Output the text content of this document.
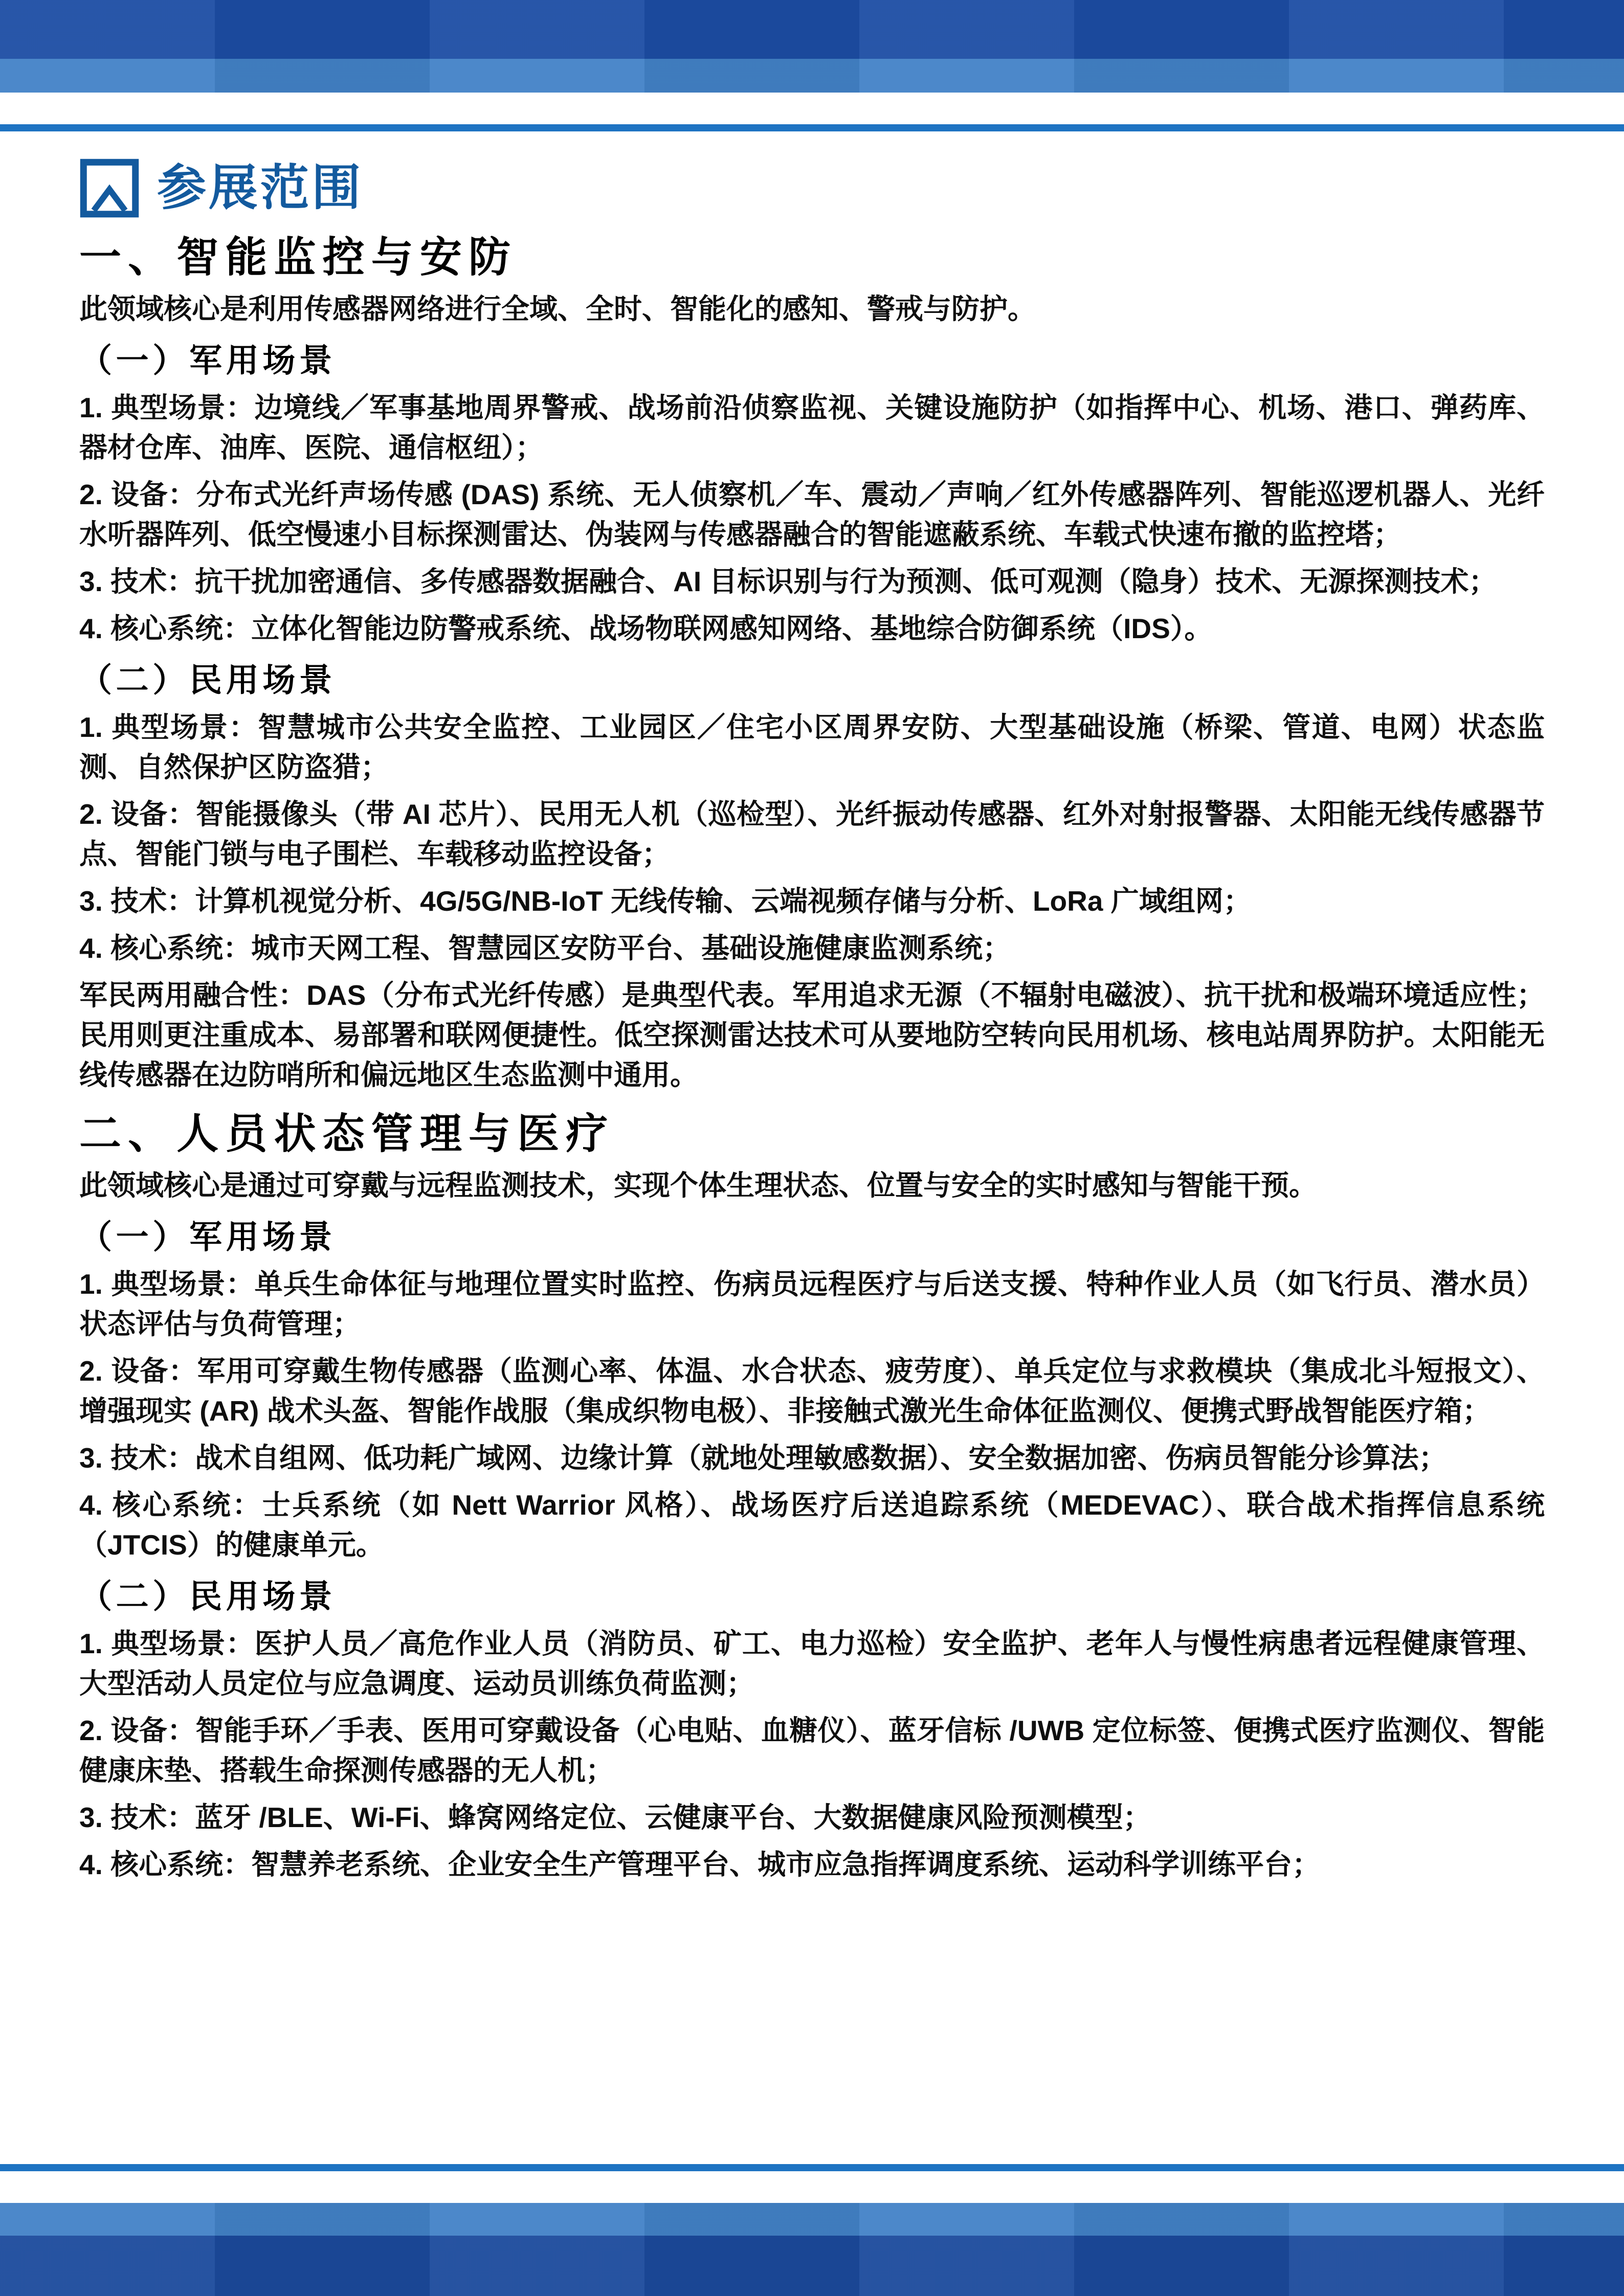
参展范围
一、智能监控与安防

此领域核心是利用传感器网络进行全域、全时、智能化的感知、警戒与防护。

（一）军用场景

1. 典型场景：边境线／军事基地周界警戒、战场前沿侦察监视、关键设施防护（如指挥中心、机场、港口、弹药库、器材仓库、油库、医院、通信枢纽）；

2. 设备：分布式光纤声场传感 (DAS) 系统、无人侦察机／车、震动／声响／红外传感器阵列、智能巡逻机器人、光纤水听器阵列、低空慢速小目标探测雷达、伪装网与传感器融合的智能遮蔽系统、车载式快速布撤的监控塔；

3. 技术：抗干扰加密通信、多传感器数据融合、AI 目标识别与行为预测、低可观测（隐身）技术、无源探测技术；

4. 核心系统：立体化智能边防警戒系统、战场物联网感知网络、基地综合防御系统（IDS）。

（二）民用场景

1. 典型场景：智慧城市公共安全监控、工业园区／住宅小区周界安防、大型基础设施（桥梁、管道、电网）状态监测、自然保护区防盗猎；

2. 设备：智能摄像头（带 AI 芯片）、民用无人机（巡检型）、光纤振动传感器、红外对射报警器、太阳能无线传感器节点、智能门锁与电子围栏、车载移动监控设备；

3. 技术：计算机视觉分析、4G/5G/NB-IoT 无线传输、云端视频存储与分析、LoRa 广域组网；

4. 核心系统：城市天网工程、智慧园区安防平台、基础设施健康监测系统；

军民两用融合性：DAS（分布式光纤传感）是典型代表。军用追求无源（不辐射电磁波）、抗干扰和极端环境适应性；民用则更注重成本、易部署和联网便捷性。低空探测雷达技术可从要地防空转向民用机场、核电站周界防护。太阳能无线传感器在边防哨所和偏远地区生态监测中通用。

二、人员状态管理与医疗

此领域核心是通过可穿戴与远程监测技术，实现个体生理状态、位置与安全的实时感知与智能干预。

（一）军用场景

1. 典型场景：单兵生命体征与地理位置实时监控、伤病员远程医疗与后送支援、特种作业人员（如飞行员、潜水员）状态评估与负荷管理；

2. 设备：军用可穿戴生物传感器（监测心率、体温、水合状态、疲劳度）、单兵定位与求救模块（集成北斗短报文）、增强现实 (AR) 战术头盔、智能作战服（集成织物电极）、非接触式激光生命体征监测仪、便携式野战智能医疗箱；

3. 技术：战术自组网、低功耗广域网、边缘计算（就地处理敏感数据）、安全数据加密、伤病员智能分诊算法；

4. 核心系统：士兵系统（如 Nett Warrior 风格）、战场医疗后送追踪系统（MEDEVAC）、联合战术指挥信息系统（JTCIS）的健康单元。

（二）民用场景

1. 典型场景：医护人员／高危作业人员（消防员、矿工、电力巡检）安全监护、老年人与慢性病患者远程健康管理、大型活动人员定位与应急调度、运动员训练负荷监测；

2. 设备：智能手环／手表、医用可穿戴设备（心电贴、血糖仪）、蓝牙信标 /UWB 定位标签、便携式医疗监测仪、智能健康床垫、搭载生命探测传感器的无人机；

3. 技术：蓝牙 /BLE、Wi-Fi、蜂窝网络定位、云健康平台、大数据健康风险预测模型；

4. 核心系统：智慧养老系统、企业安全生产管理平台、城市应急指挥调度系统、运动科学训练平台；
